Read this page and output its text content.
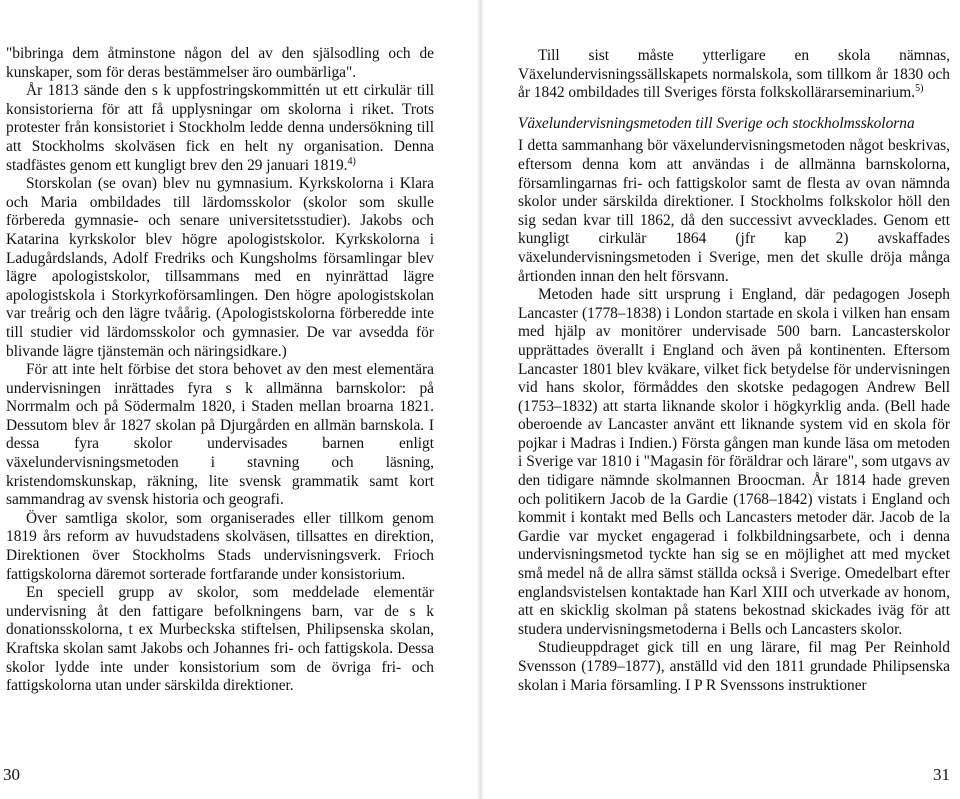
"bibringa dem åtminstone någon del av den själsodling och de kunskaper, som för deras bestämmelser äro oumbärliga".

År 1813 sände den s k uppfostringskommittén ut ett cirkulär till konsistorierna för att få upplysningar om skolorna i riket. Trots protester från konsistoriet i Stockholm ledde denna undersökning till att Stockholms skolväsen fick en helt ny organisation. Denna stadfästes genom ett kungligt brev den 29 januari 1819.$^{4)}$

Storskolan (se ovan) blev nu gymnasium. Kyrkskolorna i Klara och Maria ombildades till lärdomsskolor (skolor som skulle förbereda gymnasie- och senare universitetsstudier). Jakobs och Katarina kyrkskolor blev högre apologistskolor. Kyrkskolorna i Ladugårdslands, Adolf Fredriks och Kungsholms församlingar blev lägre apologistskolor, tillsammans med en nyinrättad lägre apologistskola i Storkyrkoförsamlingen. Den högre apologistskolan var treårig och den lägre tvåårig. (Apologistskolorna förberedde inte till studier vid lärdomsskolor och gymnasier. De var avsedda för blivande lägre tjänstemän och näringsidkare.)

För att inte helt förbise det stora behovet av den mest elementära undervisningen inrättades fyra s k allmänna barnskolor: på Norrmalm och på Södermalm 1820, i Staden mellan broarna 1821. Dessutom blev år 1827 skolan på Djurgården en allmän barnskola. I dessa fyra skolor undervisades barnen enligt växelundervisningsmetoden i stavning och läsning, kristendomskunskap, räkning, lite svensk grammatik samt kort sammandrag av svensk historia och geografi.

Över samtliga skolor, som organiserades eller tillkom genom 1819 års reform av huvudstadens skolväsen, tillsattes en direktion, Direktionen över Stockholms Stads undervisningsverk. Frioch fattigskolorna däremot sorterade fortfarande under konsistorium.

En speciell grupp av skolor, som meddelade elementär undervisning åt den fattigare befolkningens barn, var de s k donationsskolorna, t ex Murbeckska stiftelsen, Philipsenska skolan, Kraftska skolan samt Jakobs och Johannes fri- och fattigskola. Dessa skolor lydde inte under konsistorium som de övriga fri- och fattigskolorna utan under särskilda direktioner.

30

Till sist måste ytterligare en skola nämnas, Växelundervisningssällskapets normalskola, som tillkom år 1830 och år 1842 ombildades till Sveriges första folkskollärarseminarium.$^{5)}$

Växelundervisningsmetoden till Sverige och stockholmsskolorna

I detta sammanhang bör växelundervisningsmetoden något beskrivas, eftersom denna kom att användas i de allmänna barnskolorna, församlingarnas fri- och fattigskolor samt de flesta av ovan nämnda skolor under särskilda direktioner. I Stockholms folkskolor höll den sig sedan kvar till 1862, då den successivt avvecklades. Genom ett kungligt cirkulär 1864 (jfr kap 2) avskaffades växelundervisningsmetoden i Sverige, men det skulle dröja många årtionden innan den helt försvann.

Metoden hade sitt ursprung i England, där pedagogen Joseph Lancaster (1778–1838) i London startade en skola i vilken han ensam med hjälp av monitörer undervisade 500 barn. Lancasterskolor upprättades överallt i England och även på kontinenten. Eftersom Lancaster 1801 blev kväkare, vilket fick betydelse för undervisningen vid hans skolor, förmåddes den skotske pedagogen Andrew Bell (1753–1832) att starta liknande skolor i högkyrklig anda. (Bell hade oberoende av Lancaster använt ett liknande system vid en skola för pojkar i Madras i Indien.) Första gången man kunde läsa om metoden i Sverige var 1810 i "Magasin för föräldrar och lärare", som utgavs av den tidigare nämnde skolmannen Broocman. År 1814 hade greven och politikern Jacob de la Gardie (1768–1842) vistats i England och kommit i kontakt med Bells och Lancasters metoder där. Jacob de la Gardie var mycket engagerad i folkbildningsarbete, och i denna undervisningsmetod tyckte han sig se en möjlighet att med mycket små medel nå de allra sämst ställda också i Sverige. Omedelbart efter englandsvistelsen kontaktade han Karl XIII och utverkade av honom, att en skicklig skolman på statens bekostnad skickades iväg för att studera undervisningsmetoderna i Bells och Lancasters skolor.

Studieuppdraget gick till en ung lärare, fil mag Per Reinhold Svensson (1789–1877), anställd vid den 1811 grundade Philipsenska skolan i Maria församling. I P R Svenssons instruktioner

31
